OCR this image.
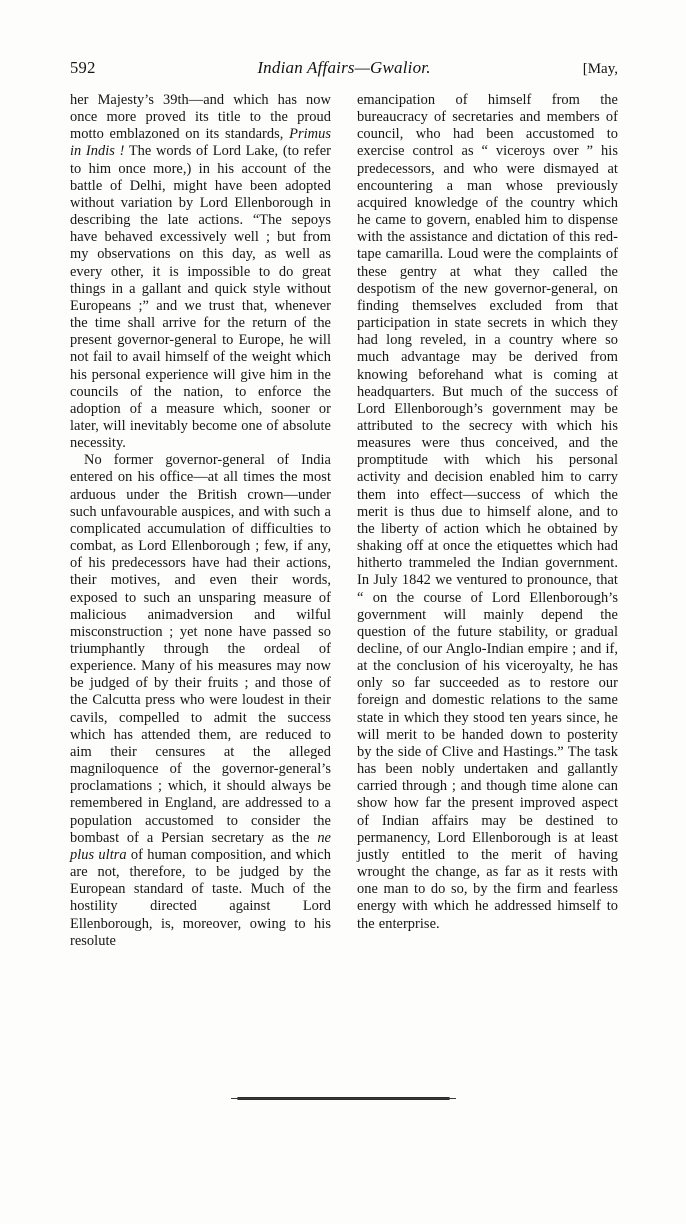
592	Indian Affairs—Gwalior.	[May,

her Majesty’s 39th—and which has now once more proved its title to the proud motto emblazoned on its standards, Primus in Indis ! The words of Lord Lake, (to refer to him once more,) in his account of the battle of Delhi, might have been adopted without variation by Lord Ellenborough in describing the late actions. “The sepoys have behaved excessively well ; but from my observations on this day, as well as every other, it is impossible to do great things in a gallant and quick style without Europeans ;” and we trust that, whenever the time shall arrive for the return of the present governor-general to Europe, he will not fail to avail himself of the weight which his personal experience will give him in the councils of the nation, to enforce the adoption of a measure which, sooner or later, will inevitably become one of absolute necessity.

No former governor-general of India entered on his office—at all times the most arduous under the British crown—under such unfavourable auspices, and with such a complicated accumulation of difficulties to combat, as Lord Ellenborough ; few, if any, of his predecessors have had their actions, their motives, and even their words, exposed to such an unsparing measure of malicious animadversion and wilful misconstruction ; yet none have passed so triumphantly through the ordeal of experience. Many of his measures may now be judged of by their fruits ; and those of the Calcutta press who were loudest in their cavils, compelled to admit the success which has attended them, are reduced to aim their censures at the alleged magniloquence of the governor-general’s proclamations ; which, it should always be remembered in England, are addressed to a population accustomed to consider the bombast of a Persian secretary as the ne plus ultra of human composition, and which are not, therefore, to be judged by the European standard of taste. Much of the hostility directed against Lord Ellenborough, is, moreover, owing to his resolute

emancipation of himself from the bureaucracy of secretaries and members of council, who had been accustomed to exercise control as “ viceroys over ” his predecessors, and who were dismayed at encountering a man whose previously acquired knowledge of the country which he came to govern, enabled him to dispense with the assistance and dictation of this red-tape camarilla. Loud were the complaints of these gentry at what they called the despotism of the new governor-general, on finding themselves excluded from that participation in state secrets in which they had long reveled, in a country where so much advantage may be derived from knowing beforehand what is coming at headquarters. But much of the success of Lord Ellenborough’s government may be attributed to the secrecy with which his measures were thus conceived, and the promptitude with which his personal activity and decision enabled him to carry them into effect—success of which the merit is thus due to himself alone, and to the liberty of action which he obtained by shaking off at once the etiquettes which had hitherto trammeled the Indian government. In July 1842 we ventured to pronounce, that “ on the course of Lord Ellenborough’s government will mainly depend the question of the future stability, or gradual decline, of our Anglo-Indian empire ; and if, at the conclusion of his viceroyalty, he has only so far succeeded as to restore our foreign and domestic relations to the same state in which they stood ten years since, he will merit to be handed down to posterity by the side of Clive and Hastings.” The task has been nobly undertaken and gallantly carried through ; and though time alone can show how far the present improved aspect of Indian affairs may be destined to permanency, Lord Ellenborough is at least justly entitled to the merit of having wrought the change, as far as it rests with one man to do so, by the firm and fearless energy with which he addressed himself to the enterprise.
